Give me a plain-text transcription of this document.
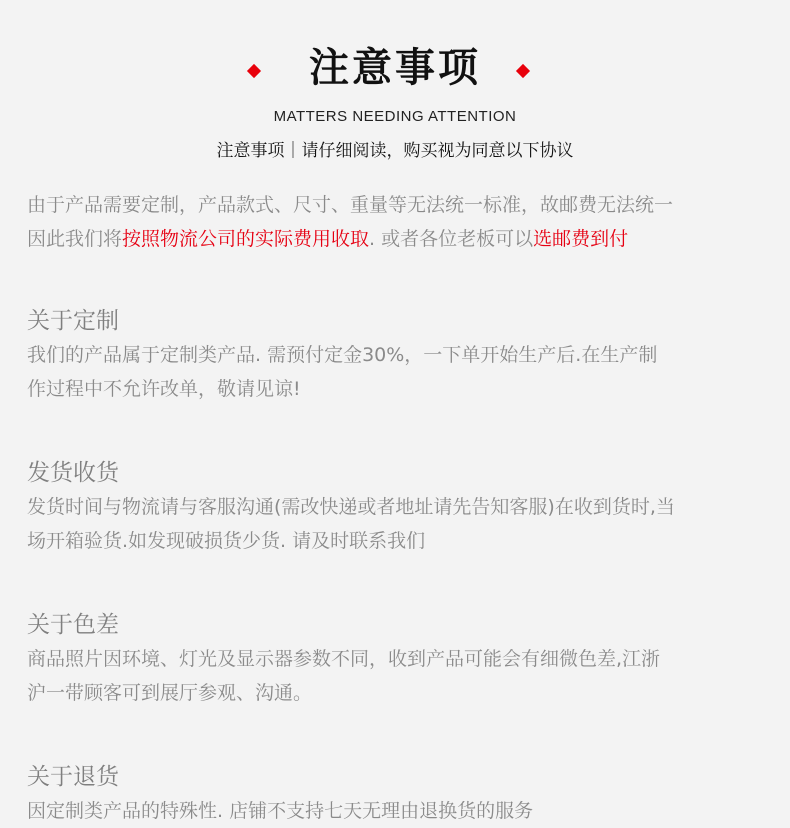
注意事项
MATTERS NEEDING ATTENTION
注意事项｜请仔细阅读，购买视为同意以下协议

由于产品需要定制，产品款式、尺寸、重量等无法统一标准，故邮费无法统一

因此我们将按照物流公司的实际费用收取. 或者各位老板可以选邮费到付

关于定制

我们的产品属于定制类产品. 需预付定金30%，一下单开始生产后.在生产制

作过程中不允许改单，敬请见谅!

发货收货

发货时间与物流请与客服沟通(需改快递或者地址请先告知客服)在收到货时,当

场开箱验货.如发现破损货少货. 请及时联系我们

关于色差

商品照片因环境、灯光及显示器参数不同，收到产品可能会有细微色差,江浙

沪一带顾客可到展厅参观、沟通。

关于退货

因定制类产品的特殊性. 店铺不支持七天无理由退换货的服务
